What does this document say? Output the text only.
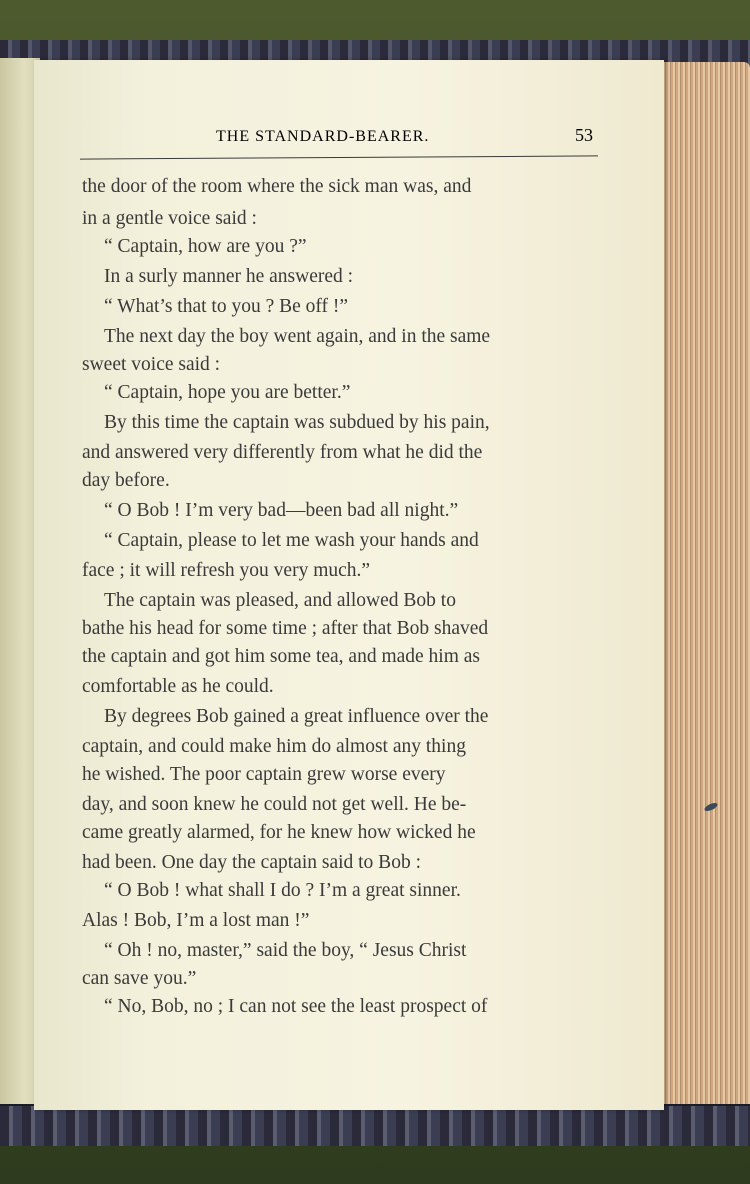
THE STANDARD-BEARER.	53
the door of the room where the sick man was, and
in a gentle voice said :
“ Captain, how are you ?”
In a surly manner he answered :
“ What’s that to you ? Be off !”
The next day the boy went again, and in the same
sweet voice said :
“ Captain, hope you are better.”
By this time the captain was subdued by his pain,
and answered very differently from what he did the
day before.
“ O Bob ! I’m very bad—been bad all night.”
“ Captain, please to let me wash your hands and
face ; it will refresh you very much.”
The captain was pleased, and allowed Bob to
bathe his head for some time ; after that Bob shaved
the captain and got him some tea, and made him as
comfortable as he could.
By degrees Bob gained a great influence over the
captain, and could make him do almost any thing
he wished. The poor captain grew worse every
day, and soon knew he could not get well. He be-
came greatly alarmed, for he knew how wicked he
had been. One day the captain said to Bob :
“ O Bob ! what shall I do ? I’m a great sinner.
Alas ! Bob, I’m a lost man !”
“ Oh ! no, master,” said the boy, “ Jesus Christ
can save you.”
“ No, Bob, no ; I can not see the least prospect of
